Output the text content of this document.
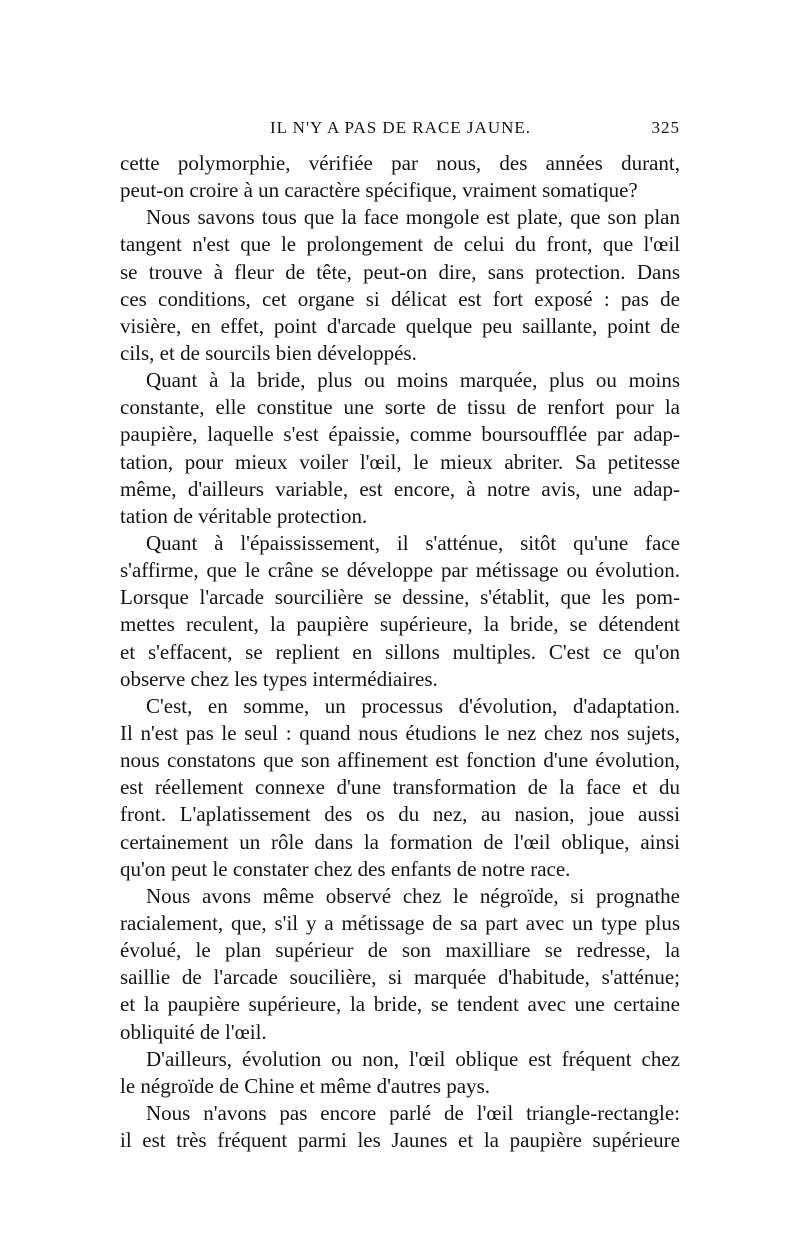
IL N'Y A PAS DE RACE JAUNE.	325
cette polymorphie, vérifiée par nous, des années durant,
peut-on croire à un caractère spécifique, vraiment somatique?
Nous savons tous que la face mongole est plate, que son plan
tangent n'est que le prolongement de celui du front, que l'œil
se trouve à fleur de tête, peut-on dire, sans protection. Dans
ces conditions, cet organe si délicat est fort exposé : pas de
visière, en effet, point d'arcade quelque peu saillante, point de
cils, et de sourcils bien développés.
Quant à la bride, plus ou moins marquée, plus ou moins
constante, elle constitue une sorte de tissu de renfort pour la
paupière, laquelle s'est épaissie, comme boursoufflée par adap-
tation, pour mieux voiler l'œil, le mieux abriter. Sa petitesse
même, d'ailleurs variable, est encore, à notre avis, une adap-
tation de véritable protection.
Quant à l'épaississement, il s'atténue, sitôt qu'une face
s'affirme, que le crâne se développe par métissage ou évolution.
Lorsque l'arcade sourcilière se dessine, s'établit, que les pom-
mettes reculent, la paupière supérieure, la bride, se détendent
et s'effacent, se replient en sillons multiples. C'est ce qu'on
observe chez les types intermédiaires.
C'est, en somme, un processus d'évolution, d'adaptation.
Il n'est pas le seul : quand nous étudions le nez chez nos sujets,
nous constatons que son affinement est fonction d'une évolution,
est réellement connexe d'une transformation de la face et du
front. L'aplatissement des os du nez, au nasion, joue aussi
certainement un rôle dans la formation de l'œil oblique, ainsi
qu'on peut le constater chez des enfants de notre race.
Nous avons même observé chez le négroïde, si prognathe
racialement, que, s'il y a métissage de sa part avec un type plus
évolué, le plan supérieur de son maxilliare se redresse, la
saillie de l'arcade soucilière, si marquée d'habitude, s'atténue;
et la paupière supérieure, la bride, se tendent avec une certaine
obliquité de l'œil.
D'ailleurs, évolution ou non, l'œil oblique est fréquent chez
le négroïde de Chine et même d'autres pays.
Nous n'avons pas encore parlé de l'œil triangle-rectangle:
il est très fréquent parmi les Jaunes et la paupière supérieure
